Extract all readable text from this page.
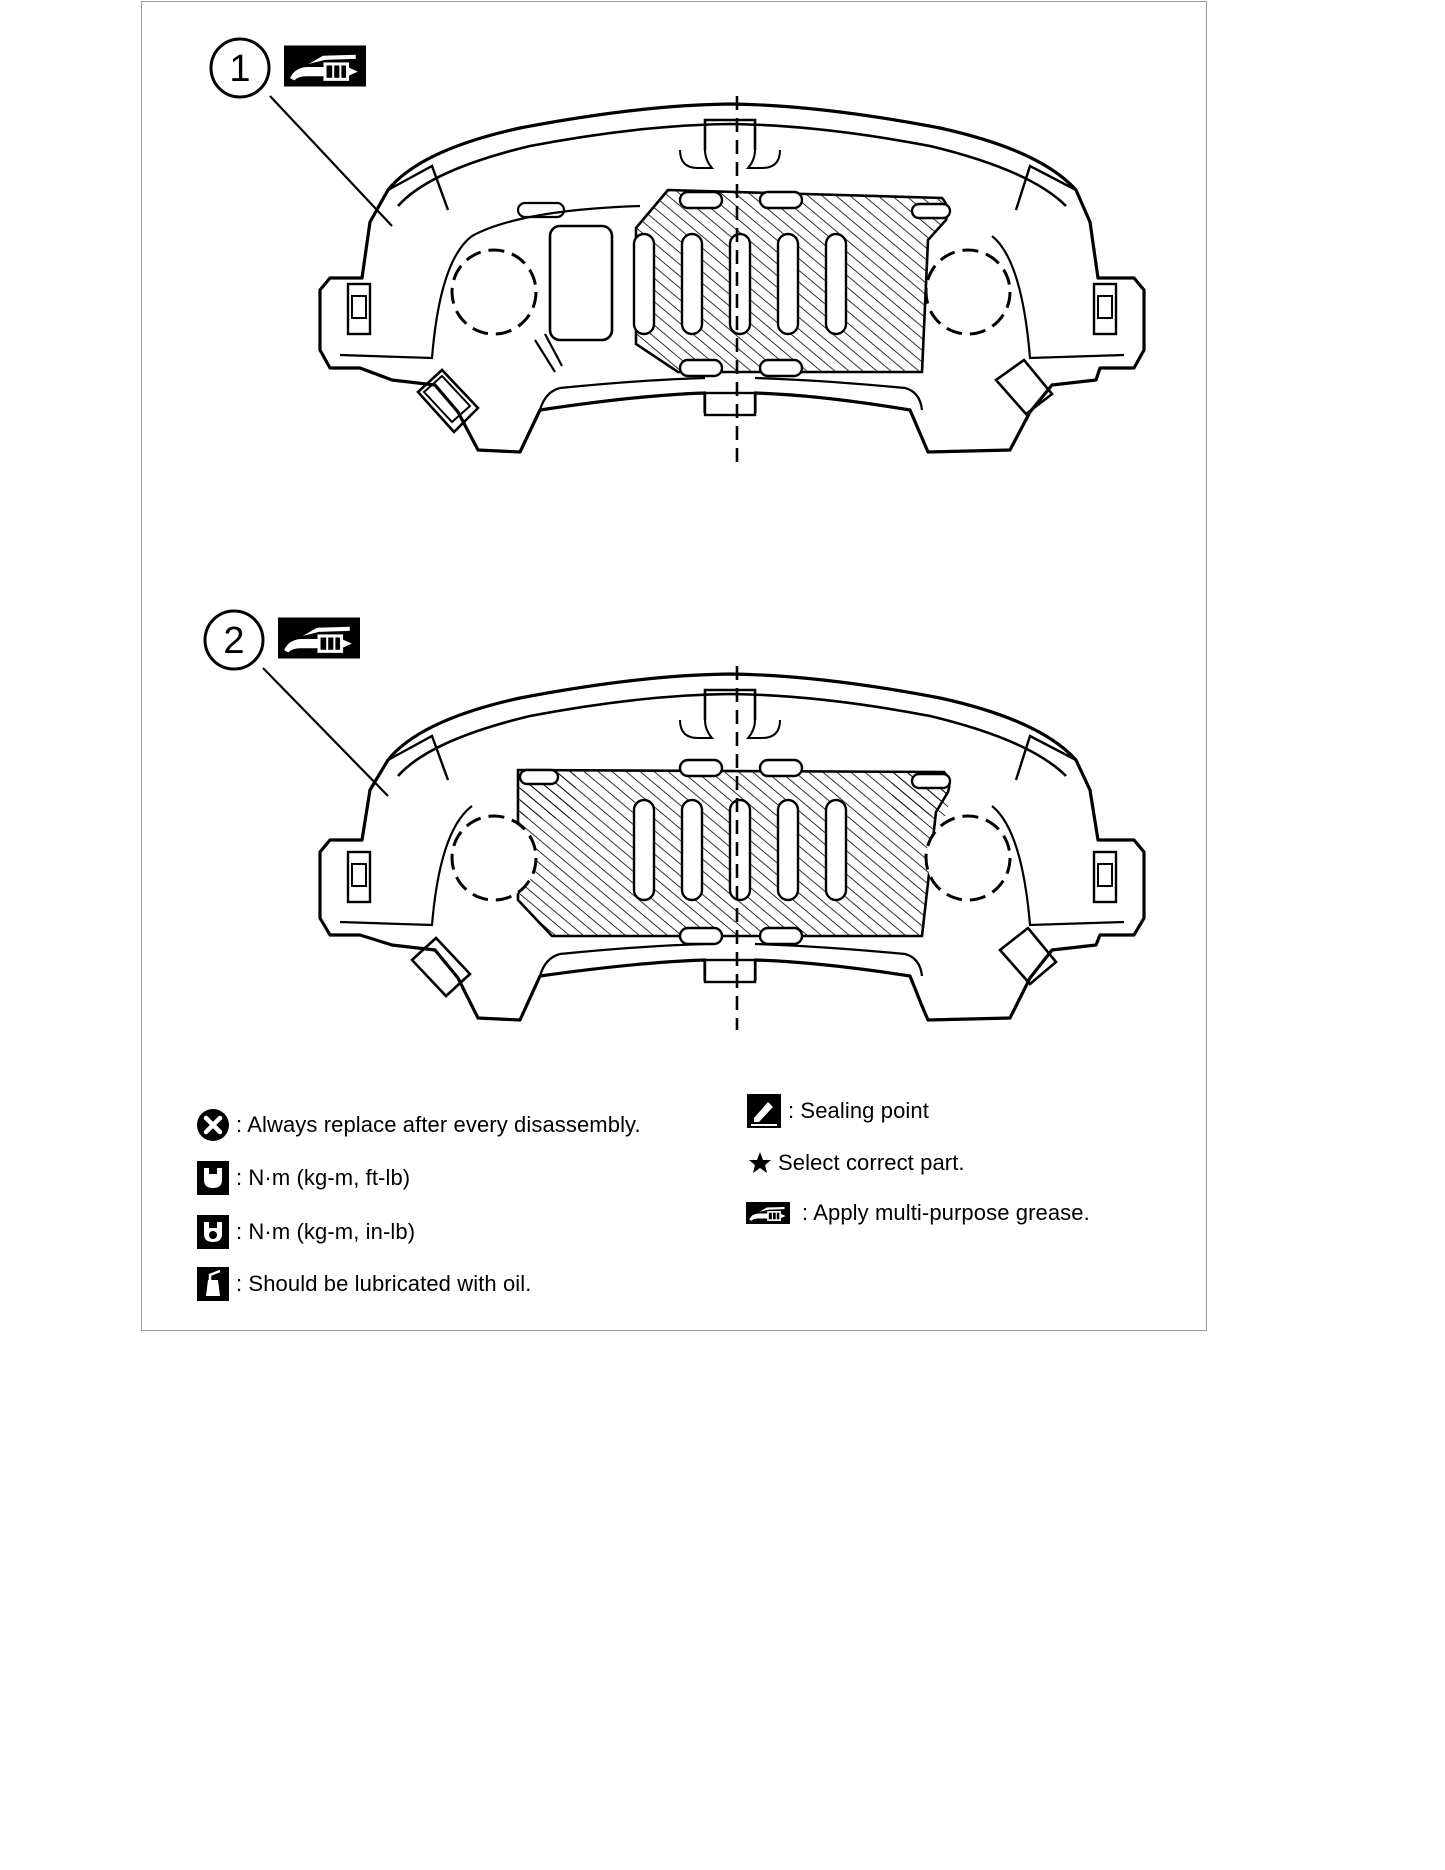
1
2
: Always replace after every disassembly.
: N·m (kg-m, ft-lb)
: N·m (kg-m, in-lb)
: Should be lubricated with oil.
: Sealing point
Select correct part.
: Apply multi-purpose grease.
